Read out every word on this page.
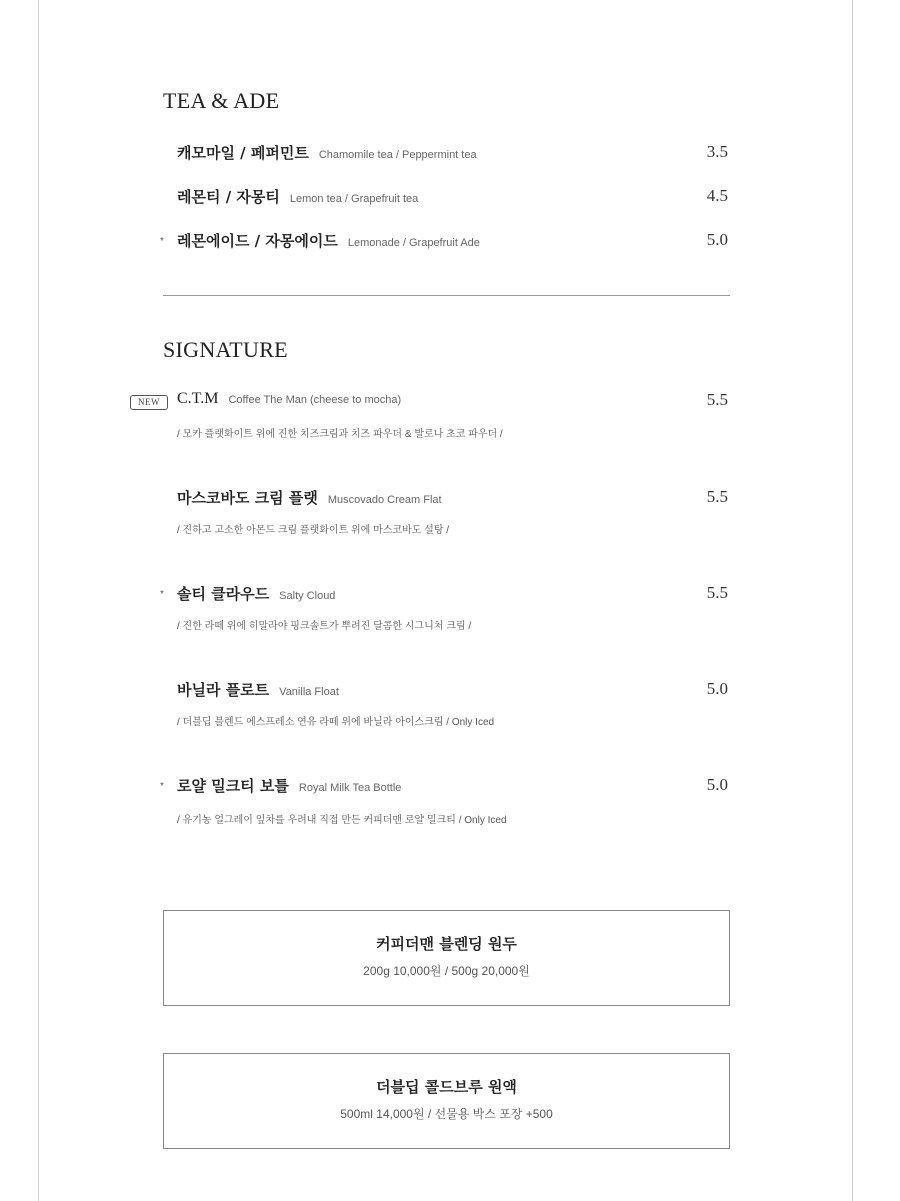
TEA & ADE
캐모마일 / 페퍼민트 Chamomile tea / Peppermint tea	3.5
레몬티 / 자몽티 Lemon tea / Grapefruit tea	4.5
* 레몬에이드 / 자몽에이드 Lemonade / Grapefruit Ade	5.0
SIGNATURE
NEW	C.T.M Coffee The Man (cheese to mocha)	5.5
/ 모카 플랫화이트 위에 진한 치즈크림과 치즈 파우더 & 발로나 초코 파우더 /
마스코바도 크림 플랫 Muscovado Cream Flat	5.5
/ 진하고 고소한 아몬드 크림 플랫화이트 위에 마스코바도 설탕 /
* 솔티 클라우드 Salty Cloud	5.5
/ 진한 라떼 위에 히말라야 핑크솔트가 뿌려진 달콤한 시그니처 크림 /
바닐라 플로트 Vanilla Float	5.0
/ 더블딥 블렌드 에스프레소 연유 라떼 위에 바닐라 아이스크림 / Only Iced
* 로얄 밀크티 보틀 Royal Milk Tea Bottle	5.0
/ 유기농 얼그레이 잎차를 우려내 직접 만든 커피더맨 로얄 밀크티 / Only Iced
커피더맨 블렌딩 원두
200g 10,000원 / 500g 20,000원
더블딥 콜드브루 원액
500ml 14,000원 / 선물용 박스 포장 +500
